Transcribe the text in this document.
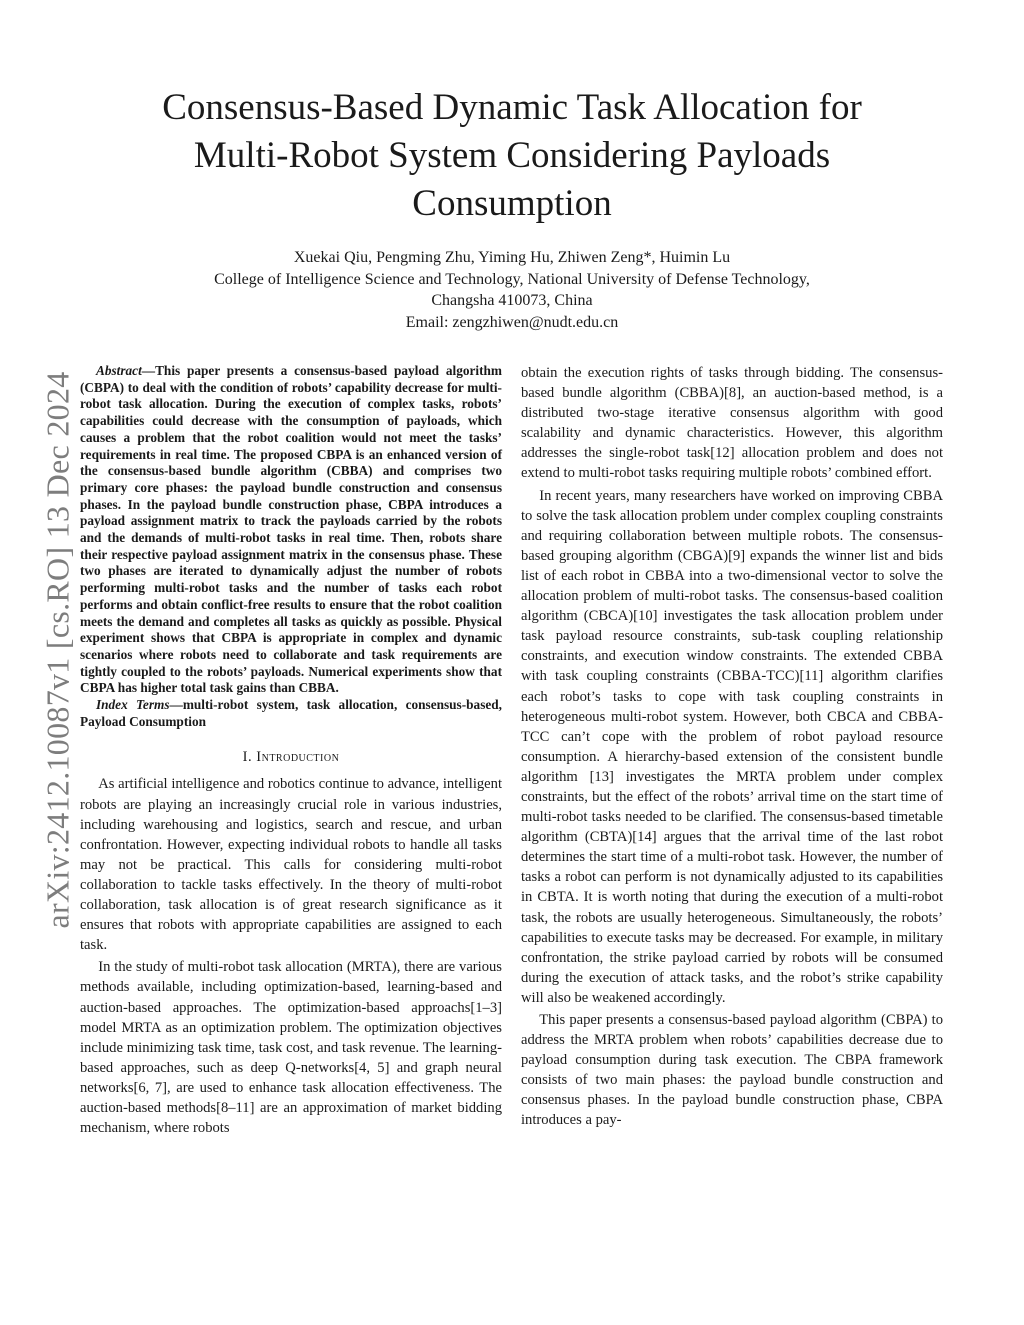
arXiv:2412.10087v1 [cs.RO] 13 Dec 2024
Consensus-Based Dynamic Task Allocation for
Multi-Robot System Considering Payloads
Consumption
Xuekai Qiu, Pengming Zhu, Yiming Hu, Zhiwen Zeng*, Huimin Lu
College of Intelligence Science and Technology, National University of Defense Technology,
Changsha 410073, China
Email: zengzhiwen@nudt.edu.cn

Abstract—This paper presents a consensus-based payload algorithm (CBPA) to deal with the condition of robots’ capability decrease for multi-robot task allocation. During the execution of complex tasks, robots’ capabilities could decrease with the consumption of payloads, which causes a problem that the robot coalition would not meet the tasks’ requirements in real time. The proposed CBPA is an enhanced version of the consensus-based bundle algorithm (CBBA) and comprises two primary core phases: the payload bundle construction and consensus phases. In the payload bundle construction phase, CBPA introduces a payload assignment matrix to track the payloads carried by the robots and the demands of multi-robot tasks in real time. Then, robots share their respective payload assignment matrix in the consensus phase. These two phases are iterated to dynamically adjust the number of robots performing multi-robot tasks and the number of tasks each robot performs and obtain conflict-free results to ensure that the robot coalition meets the demand and completes all tasks as quickly as possible. Physical experiment shows that CBPA is appropriate in complex and dynamic scenarios where robots need to collaborate and task requirements are tightly coupled to the robots’ payloads. Numerical experiments show that CBPA has higher total task gains than CBBA.

Index Terms—multi-robot system, task allocation, consensus-based, Payload Consumption

I. Introduction

As artificial intelligence and robotics continue to advance, intelligent robots are playing an increasingly crucial role in various industries, including warehousing and logistics, search and rescue, and urban confrontation. However, expecting individual robots to handle all tasks may not be practical. This calls for considering multi-robot collaboration to tackle tasks effectively. In the theory of multi-robot collaboration, task allocation is of great research significance as it ensures that robots with appropriate capabilities are assigned to each task.

In the study of multi-robot task allocation (MRTA), there are various methods available, including optimization-based, learning-based and auction-based approaches. The optimization-based approachs[1–3] model MRTA as an optimization problem. The optimization objectives include minimizing task time, task cost, and task revenue. The learning-based approaches, such as deep Q-networks[4, 5] and graph neural networks[6, 7], are used to enhance task allocation effectiveness. The auction-based methods[8–11] are an approximation of market bidding mechanism, where robots

obtain the execution rights of tasks through bidding. The consensus-based bundle algorithm (CBBA)[8], an auction-based method, is a distributed two-stage iterative consensus algorithm with good scalability and dynamic characteristics. However, this algorithm addresses the single-robot task[12] allocation problem and does not extend to multi-robot tasks requiring multiple robots’ combined effort.

In recent years, many researchers have worked on improving CBBA to solve the task allocation problem under complex coupling constraints and requiring collaboration between multiple robots. The consensus-based grouping algorithm (CBGA)[9] expands the winner list and bids list of each robot in CBBA into a two-dimensional vector to solve the allocation problem of multi-robot tasks. The consensus-based coalition algorithm (CBCA)[10] investigates the task allocation problem under task payload resource constraints, sub-task coupling relationship constraints, and execution window constraints. The extended CBBA with task coupling constraints (CBBA-TCC)[11] algorithm clarifies each robot’s tasks to cope with task coupling constraints in heterogeneous multi-robot system. However, both CBCA and CBBA-TCC can’t cope with the problem of robot payload resource consumption. A hierarchy-based extension of the consistent bundle algorithm [13] investigates the MRTA problem under complex constraints, but the effect of the robots’ arrival time on the start time of multi-robot tasks needed to be clarified. The consensus-based timetable algorithm (CBTA)[14] argues that the arrival time of the last robot determines the start time of a multi-robot task. However, the number of tasks a robot can perform is not dynamically adjusted to its capabilities in CBTA. It is worth noting that during the execution of a multi-robot task, the robots are usually heterogeneous. Simultaneously, the robots’ capabilities to execute tasks may be decreased. For example, in military confrontation, the strike payload carried by robots will be consumed during the execution of attack tasks, and the robot’s strike capability will also be weakened accordingly.

This paper presents a consensus-based payload algorithm (CBPA) to address the MRTA problem when robots’ capabilities decrease due to payload consumption during task execution. The CBPA framework consists of two main phases: the payload bundle construction and consensus phases. In the payload bundle construction phase, CBPA introduces a pay-
